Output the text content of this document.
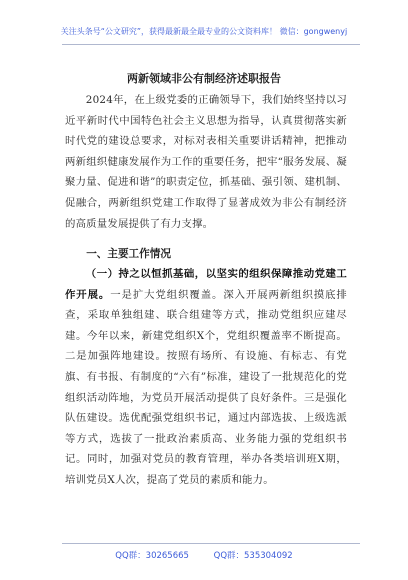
关注头条号“公文研究”，获得最新最全最专业的公文资料库！ 微信：gongwenyj
两新领域非公有制经济述职报告

2024年，在上级党委的正确领导下，我们始终坚持以习近平新时代中国特色社会主义思想为指导，认真贯彻落实新时代党的建设总要求，对标对表相关重要讲话精神，把推动两新组织健康发展作为工作的重要任务，把牢“服务发展、凝聚力量、促进和谐”的职责定位，抓基础、强引领、建机制、促融合，两新组织党建工作取得了显著成效为非公有制经济的高质量发展提供了有力支撑。

一、主要工作情况

（一）持之以恒抓基础，以坚实的组织保障推动党建工作开展。一是扩大党组织覆盖。深入开展两新组织摸底排查，采取单独组建、联合组建等方式，推动党组织应建尽建。今年以来，新建党组织X个，党组织覆盖率不断提高。二是加强阵地建设。按照有场所、有设施、有标志、有党旗、有书报、有制度的“六有”标准，建设了一批规范化的党组织活动阵地，为党员开展活动提供了良好条件。三是强化队伍建设。选优配强党组织书记，通过内部选拔、上级选派等方式，选拔了一批政治素质高、业务能力强的党组织书记。同时，加强对党员的教育管理，举办各类培训班X期，培训党员X人次，提高了党员的素质和能力。

QQ群：30265665	QQ群：535304092
